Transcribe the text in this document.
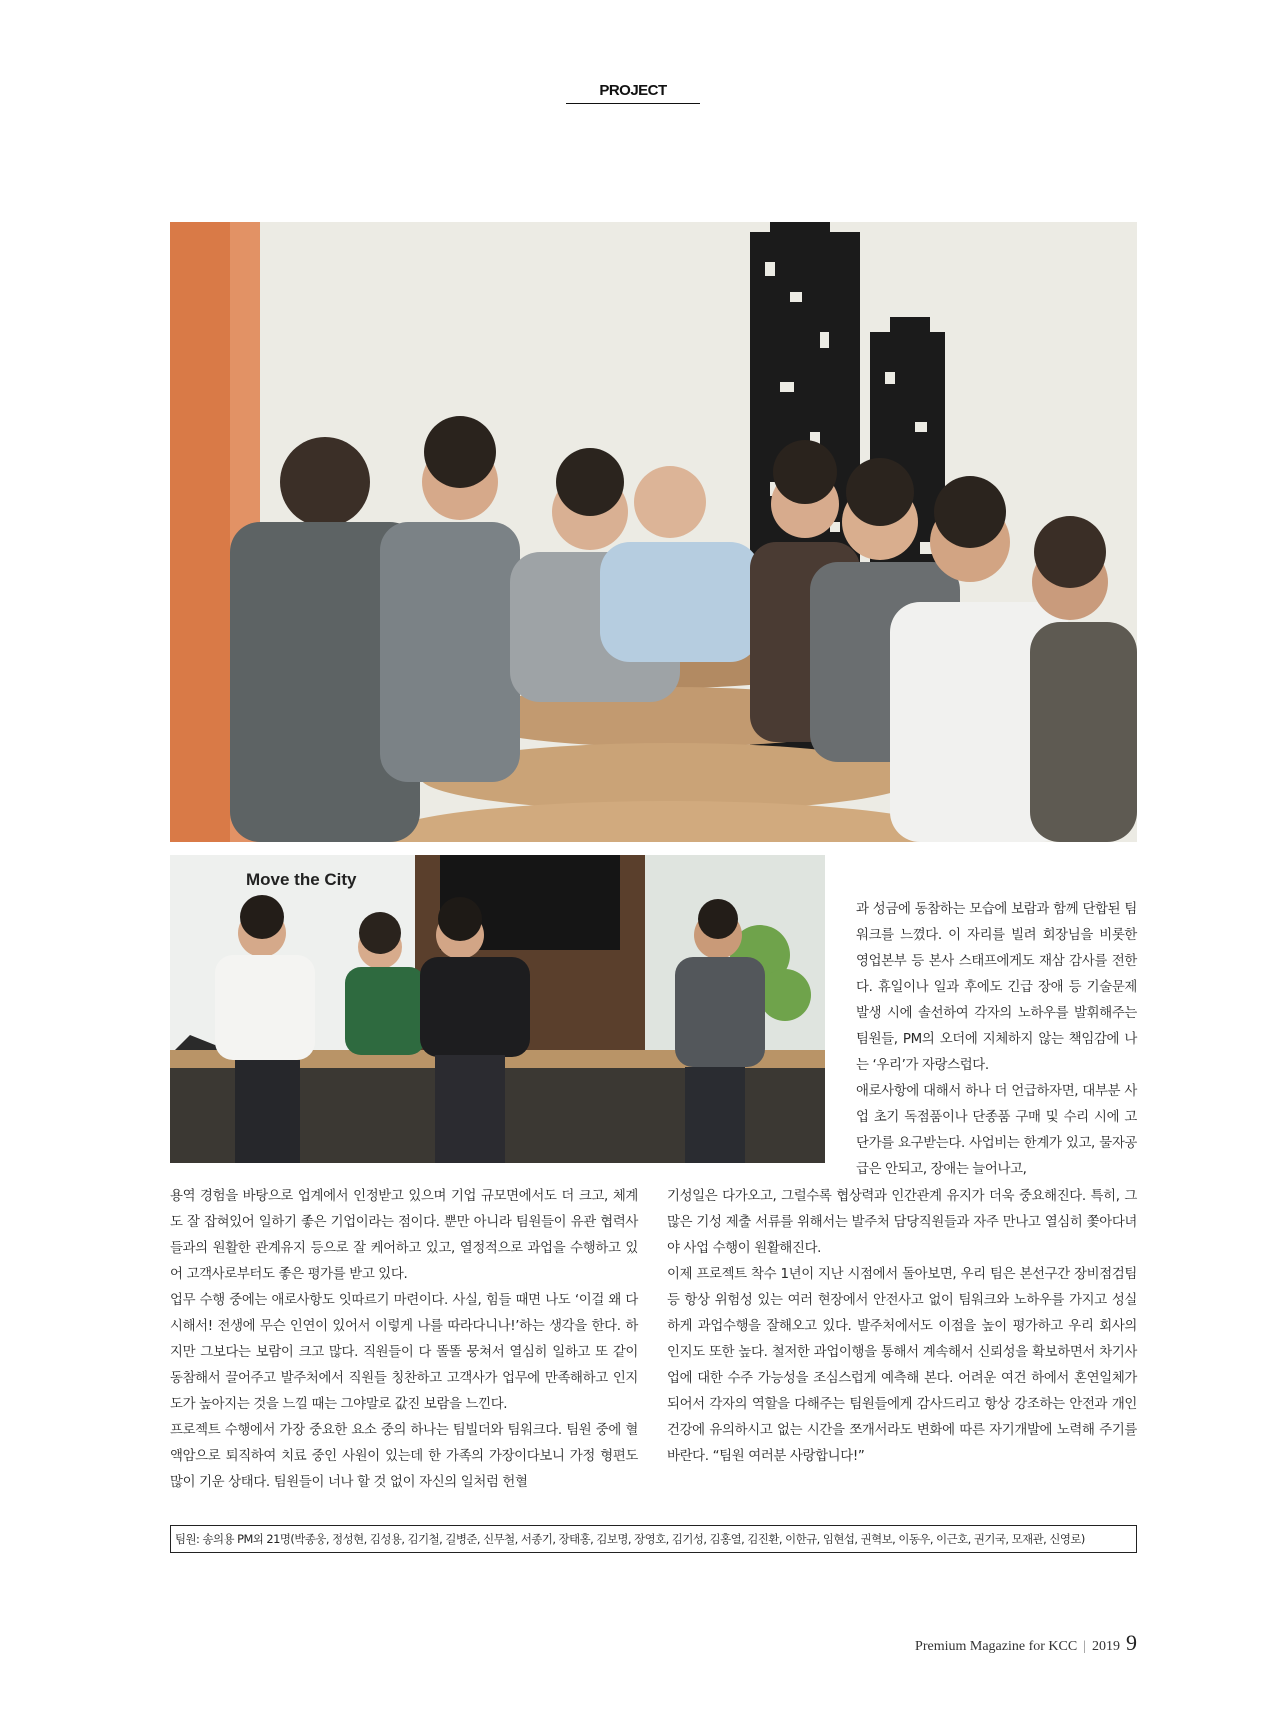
PROJECT
Move the City

과 성금에 동참하는 모습에 보람과 함께 단합된 팀워크를 느꼈다. 이 자리를 빌려 회장님을 비롯한 영업본부 등 본사 스태프에게도 재삼 감사를 전한다. 휴일이나 일과 후에도 긴급 장애 등 기술문제 발생 시에 솔선하여 각자의 노하우를 발휘해주는 팀원들, PM의 오더에 지체하지 않는 책임감에 나는 ‘우리’가 자랑스럽다.

애로사항에 대해서 하나 더 언급하자면, 대부분 사업 초기 독점품이나 단종품 구매 및 수리 시에 고단가를 요구받는다. 사업비는 한계가 있고, 물자공급은 안되고, 장애는 늘어나고,

용역 경험을 바탕으로 업계에서 인정받고 있으며 기업 규모면에서도 더 크고, 체계도 잘 잡혀있어 일하기 좋은 기업이라는 점이다. 뿐만 아니라 팀원들이 유관 협력사들과의 원활한 관계유지 등으로 잘 케어하고 있고, 열정적으로 과업을 수행하고 있어 고객사로부터도 좋은 평가를 받고 있다.

업무 수행 중에는 애로사항도 잇따르기 마련이다. 사실, 힘들 때면 나도 ‘이걸 왜 다시해서! 전생에 무슨 인연이 있어서 이렇게 나를 따라다니나!’하는 생각을 한다. 하지만 그보다는 보람이 크고 많다. 직원들이 다 똘똘 뭉쳐서 열심히 일하고 또 같이 동참해서 끌어주고 발주처에서 직원들 칭찬하고 고객사가 업무에 만족해하고 인지도가 높아지는 것을 느낄 때는 그야말로 값진 보람을 느낀다.

프로젝트 수행에서 가장 중요한 요소 중의 하나는 팀빌더와 팀워크다. 팀원 중에 혈액암으로 퇴직하여 치료 중인 사원이 있는데 한 가족의 가장이다보니 가정 형편도 많이 기운 상태다. 팀원들이 너나 할 것 없이 자신의 일처럼 헌혈

기성일은 다가오고, 그럴수록 협상력과 인간관계 유지가 더욱 중요해진다. 특히, 그 많은 기성 제출 서류를 위해서는 발주처 담당직원들과 자주 만나고 열심히 쫓아다녀야 사업 수행이 원활해진다.

이제 프로젝트 착수 1년이 지난 시점에서 돌아보면, 우리 팀은 본선구간 장비점검팀 등 항상 위험성 있는 여러 현장에서 안전사고 없이 팀워크와 노하우를 가지고 성실하게 과업수행을 잘해오고 있다. 발주처에서도 이점을 높이 평가하고 우리 회사의 인지도 또한 높다. 철저한 과업이행을 통해서 계속해서 신뢰성을 확보하면서 차기사업에 대한 수주 가능성을 조심스럽게 예측해 본다. 어려운 여건 하에서 혼연일체가 되어서 각자의 역할을 다해주는 팀원들에게 감사드리고 항상 강조하는 안전과 개인건강에 유의하시고 없는 시간을 쪼개서라도 변화에 따른 자기개발에 노력해 주기를 바란다. “팀원 여러분 사랑합니다!”

팀원: 송의용 PM외 21명(박종웅, 정성현, 김성용, 김기철, 길병준, 신무철, 서종기, 장태홍, 김보명, 장영호, 김기성, 김홍열, 김진환, 이한규, 임현섭, 권혁보, 이동우, 이근호, 권기국, 모재관, 신영로)
Premium Magazine for KCC | 2019 9
